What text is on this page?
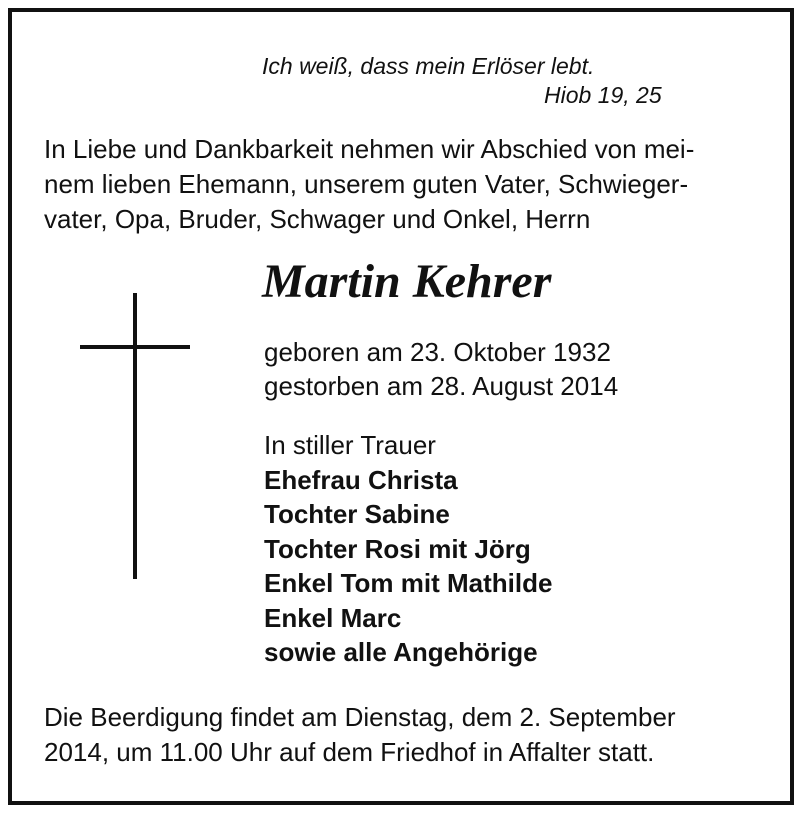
Ich weiß, dass mein Erlöser lebt.
Hiob 19, 25
In Liebe und Dankbarkeit nehmen wir Abschied von mei-
nem lieben Ehemann, unserem guten Vater, Schwieger-
vater, Opa, Bruder, Schwager und Onkel, Herrn
Martin Kehrer
geboren am 23. Oktober 1932
gestorben am 28. August 2014
In stiller Trauer
Ehefrau Christa
Tochter Sabine
Tochter Rosi mit Jörg
Enkel Tom mit Mathilde
Enkel Marc
sowie alle Angehörige
Die Beerdigung findet am Dienstag, dem 2. September
2014, um 11.00 Uhr auf dem Friedhof in Affalter statt.
